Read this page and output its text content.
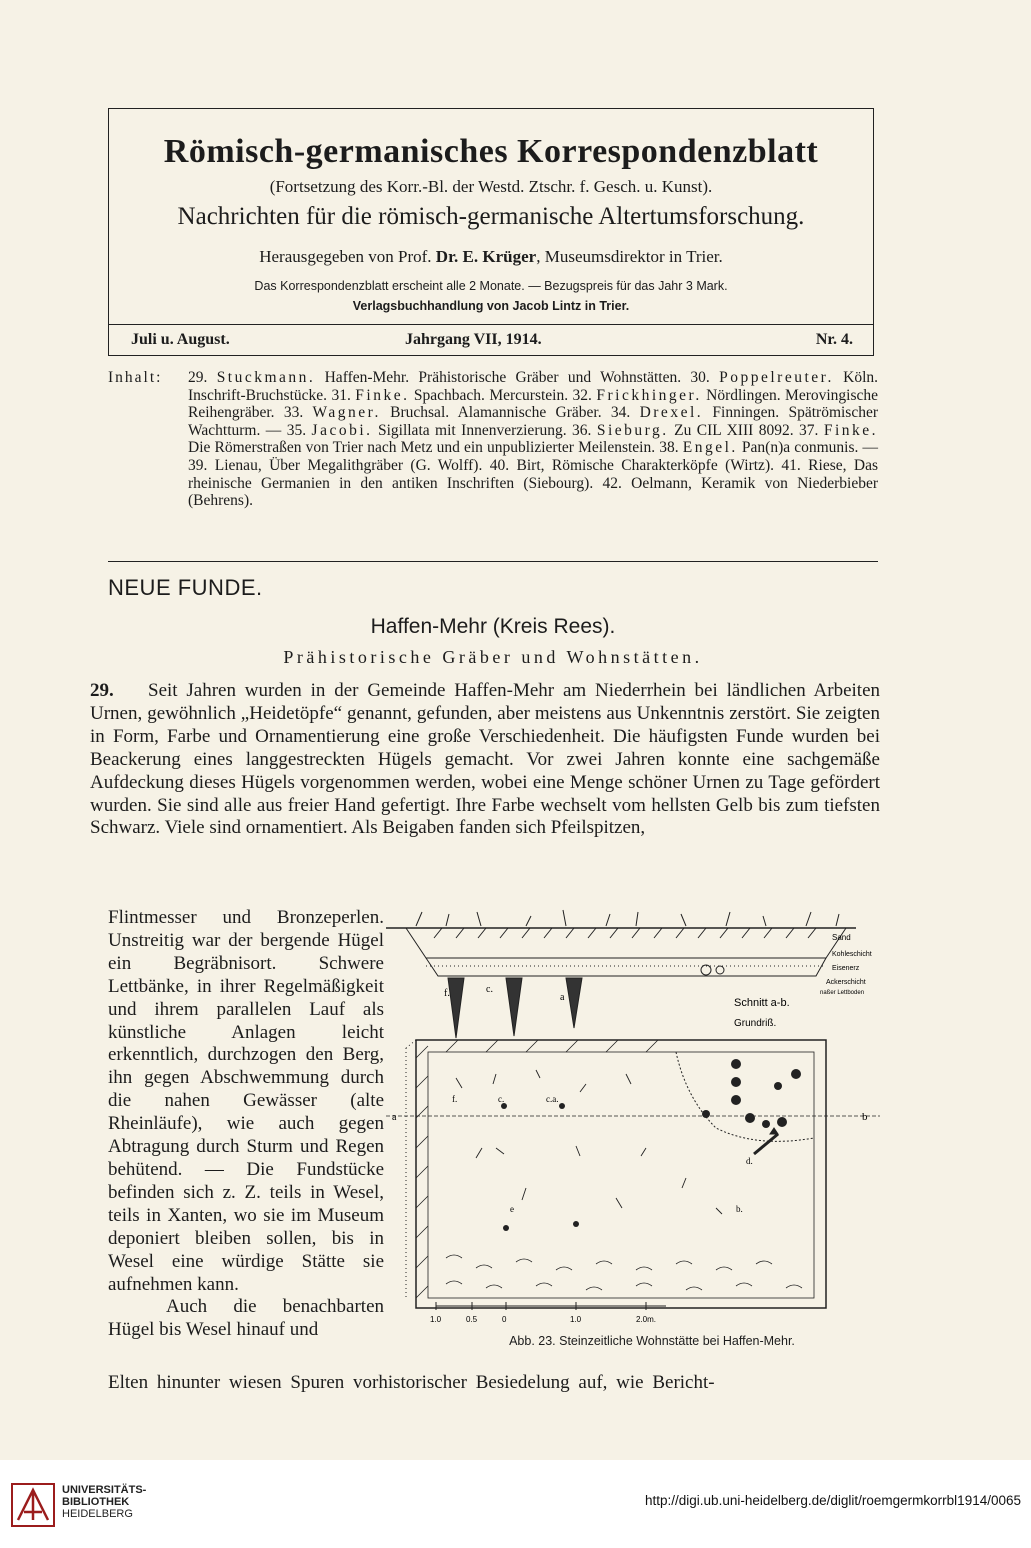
Römisch-germanisches Korrespondenzblatt
(Fortsetzung des Korr.-Bl. der Westd. Ztschr. f. Gesch. u. Kunst).
Nachrichten für die römisch-germanische Altertumsforschung.
Herausgegeben von Prof. Dr. E. Krüger, Museumsdirektor in Trier.
Das Korrespondenzblatt erscheint alle 2 Monate. — Bezugspreis für das Jahr 3 Mark.
Verlagsbuchhandlung von Jacob Lintz in Trier.
Juli u. August.	Jahrgang VII, 1914.	Nr. 4.
Inhalt: 29. Stuckmann. Haffen-Mehr. Prähistorische Gräber und Wohnstätten. 30. Poppelreuter. Köln. Inschrift-Bruchstücke. 31. Finke. Spachbach. Mercurstein. 32. Frickhinger. Nördlingen. Merovingische Reihengräber. 33. Wagner. Bruchsal. Alamannische Gräber. 34. Drexel. Finningen. Spätrömischer Wachtturm. — 35. Jacobi. Sigillata mit Innenverzierung. 36. Sieburg. Zu CIL XIII 8092. 37. Finke. Die Römerstraßen von Trier nach Metz und ein unpublizierter Meilenstein. 38. Engel. Pan(n)a conmunis. — 39. Lienau, Über Megalithgräber (G. Wolff). 40. Birt, Römische Charakterköpfe (Wirtz). 41. Riese, Das rheinische Germanien in den antiken Inschriften (Siebourg). 42. Oelmann, Keramik von Niederbieber (Behrens).
NEUE FUNDE.
Haffen-Mehr (Kreis Rees).
Prähistorische Gräber und Wohnstätten.
29. Seit Jahren wurden in der Gemeinde Haffen-Mehr am Niederrhein bei ländlichen Arbeiten Urnen, gewöhnlich „Heidetöpfe“ genannt, gefunden, aber meistens aus Unkenntnis zerstört. Sie zeigten in Form, Farbe und Ornamentierung eine große Verschiedenheit. Die häufigsten Funde wurden bei Beackerung eines langgestreckten Hügels gemacht. Vor zwei Jahren konnte eine sachgemäße Aufdeckung dieses Hügels vorgenommen werden, wobei eine Menge schöner Urnen zu Tage gefördert wurden. Sie sind alle aus freier Hand gefertigt. Ihre Farbe wechselt vom hellsten Gelb bis zum tiefsten Schwarz. Viele sind ornamentiert. Als Beigaben fanden sich Pfeilspitzen,
Flintmesser und Bronzeperlen. Unstreitig war der bergende Hügel ein Begräbnisort. Schwere Lettbänke, in ihrer Regelmäßigkeit und ihrem parallelen Lauf als künstliche Anlagen leicht erkenntlich, durchzogen den Berg, ihn gegen Abschwemmung durch die nahen Gewässer (alte Rheinläufe), wie auch gegen Abtragung durch Sturm und Regen behütend. — Die Fundstücke befinden sich z. Z. teils in Wesel, teils in Xanten, wo sie im Museum deponiert bleiben sollen, bis in Wesel eine würdige Stätte sie aufnehmen kann.
Auch die benachbarten Hügel bis Wesel hinauf und
Elten hinunter wiesen Spuren vorhistorischer Besiedelung auf, wie Bericht-
Sand
Kohleschicht
Eisenerz
Ackerschicht
naßer Lettboden
Schnitt a-b.
Grundriß.
f.	c.
a
a	b
f.	c.	c.a.
d.
e	b.
1.0	0.5	0	1.0	2.0m.
Abb. 23. Steinzeitliche Wohnstätte bei Haffen-Mehr.
UNIVERSITÄTS-
BIBLIOTHEK
HEIDELBERG
http://digi.ub.uni-heidelberg.de/diglit/roemgermkorrbl1914/0065
